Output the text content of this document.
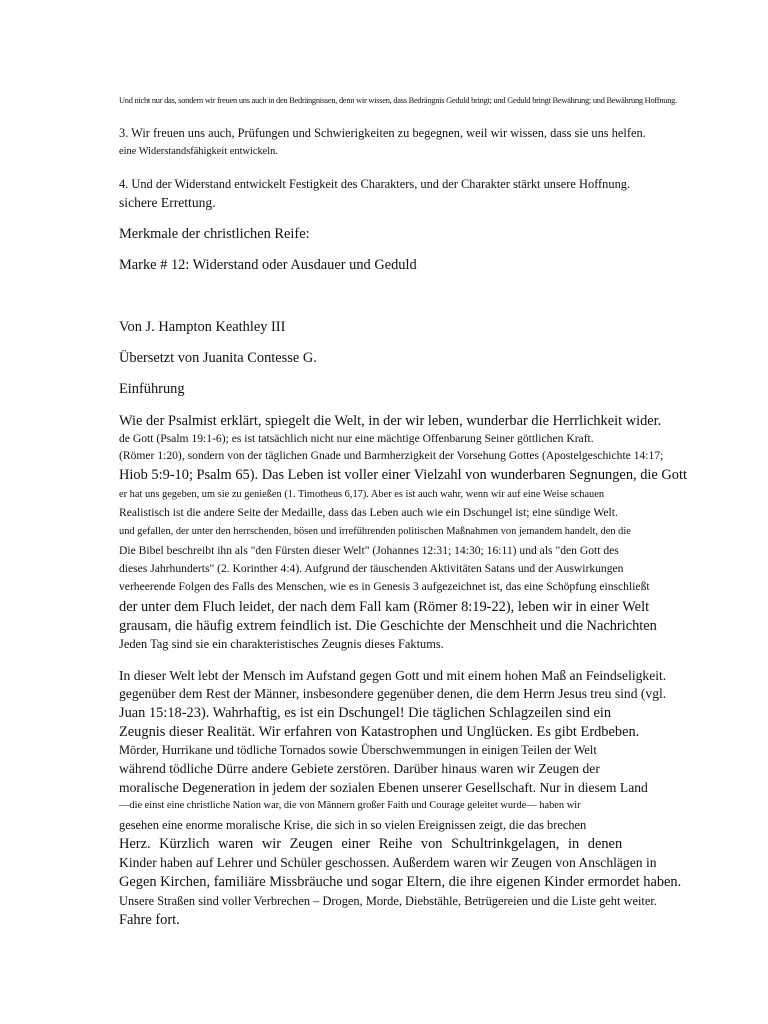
Und nicht nur das, sondern wir freuen uns auch in den Bedrängnissen, denn wir wissen, dass Bedrängnis Geduld bringt; und Geduld bringt Bewährung; und Bewährung Hoffnung.
3. Wir freuen uns auch, Prüfungen und Schwierigkeiten zu begegnen, weil wir wissen, dass sie uns helfen.
eine Widerstandsfähigkeit entwickeln.
4. Und der Widerstand entwickelt Festigkeit des Charakters, und der Charakter stärkt unsere Hoffnung.
sichere Errettung.
Merkmale der christlichen Reife:
Marke # 12: Widerstand oder Ausdauer und Geduld
Von J. Hampton Keathley III
Übersetzt von Juanita Contesse G.
Einführung
Wie der Psalmist erklärt, spiegelt die Welt, in der wir leben, wunderbar die Herrlichkeit wider.
de Gott (Psalm 19:1-6); es ist tatsächlich nicht nur eine mächtige Offenbarung Seiner göttlichen Kraft.
(Römer 1:20), sondern von der täglichen Gnade und Barmherzigkeit der Vorsehung Gottes (Apostelgeschichte 14:17;
Hiob 5:9-10; Psalm 65). Das Leben ist voller einer Vielzahl von wunderbaren Segnungen, die Gott
er hat uns gegeben, um sie zu genießen (1. Timotheus 6,17). Aber es ist auch wahr, wenn wir auf eine Weise schauen
Realistisch ist die andere Seite der Medaille, dass das Leben auch wie ein Dschungel ist; eine sündige Welt.
und gefallen, der unter den herrschenden, bösen und irreführenden politischen Maßnahmen von jemandem handelt, den die
Die Bibel beschreibt ihn als "den Fürsten dieser Welt" (Johannes 12:31; 14:30; 16:11) und als "den Gott des
dieses Jahrhunderts" (2. Korinther 4:4). Aufgrund der täuschenden Aktivitäten Satans und der Auswirkungen
verheerende Folgen des Falls des Menschen, wie es in Genesis 3 aufgezeichnet ist, das eine Schöpfung einschließt
der unter dem Fluch leidet, der nach dem Fall kam (Römer 8:19-22), leben wir in einer Welt
grausam, die häufig extrem feindlich ist. Die Geschichte der Menschheit und die Nachrichten
Jeden Tag sind sie ein charakteristisches Zeugnis dieses Faktums.
In dieser Welt lebt der Mensch im Aufstand gegen Gott und mit einem hohen Maß an Feindseligkeit.
gegenüber dem Rest der Männer, insbesondere gegenüber denen, die dem Herrn Jesus treu sind (vgl.
Juan 15:18-23). Wahrhaftig, es ist ein Dschungel! Die täglichen Schlagzeilen sind ein
Zeugnis dieser Realität. Wir erfahren von Katastrophen und Unglücken. Es gibt Erdbeben.
Mörder, Hurrikane und tödliche Tornados sowie Überschwemmungen in einigen Teilen der Welt
während tödliche Dürre andere Gebiete zerstören. Darüber hinaus waren wir Zeugen der
moralische Degeneration in jedem der sozialen Ebenen unserer Gesellschaft. Nur in diesem Land
—die einst eine christliche Nation war, die von Männern großer Faith und Courage geleitet wurde— haben wir
gesehen eine enorme moralische Krise, die sich in so vielen Ereignissen zeigt, die das brechen
Herz. Kürzlich waren wir Zeugen einer Reihe von Schultrinkgelagen, in denen
Kinder haben auf Lehrer und Schüler geschossen. Außerdem waren wir Zeugen von Anschlägen in
Gegen Kirchen, familiäre Missbräuche und sogar Eltern, die ihre eigenen Kinder ermordet haben.
Unsere Straßen sind voller Verbrechen – Drogen, Morde, Diebstähle, Betrügereien und die Liste geht weiter.
Fahre fort.
